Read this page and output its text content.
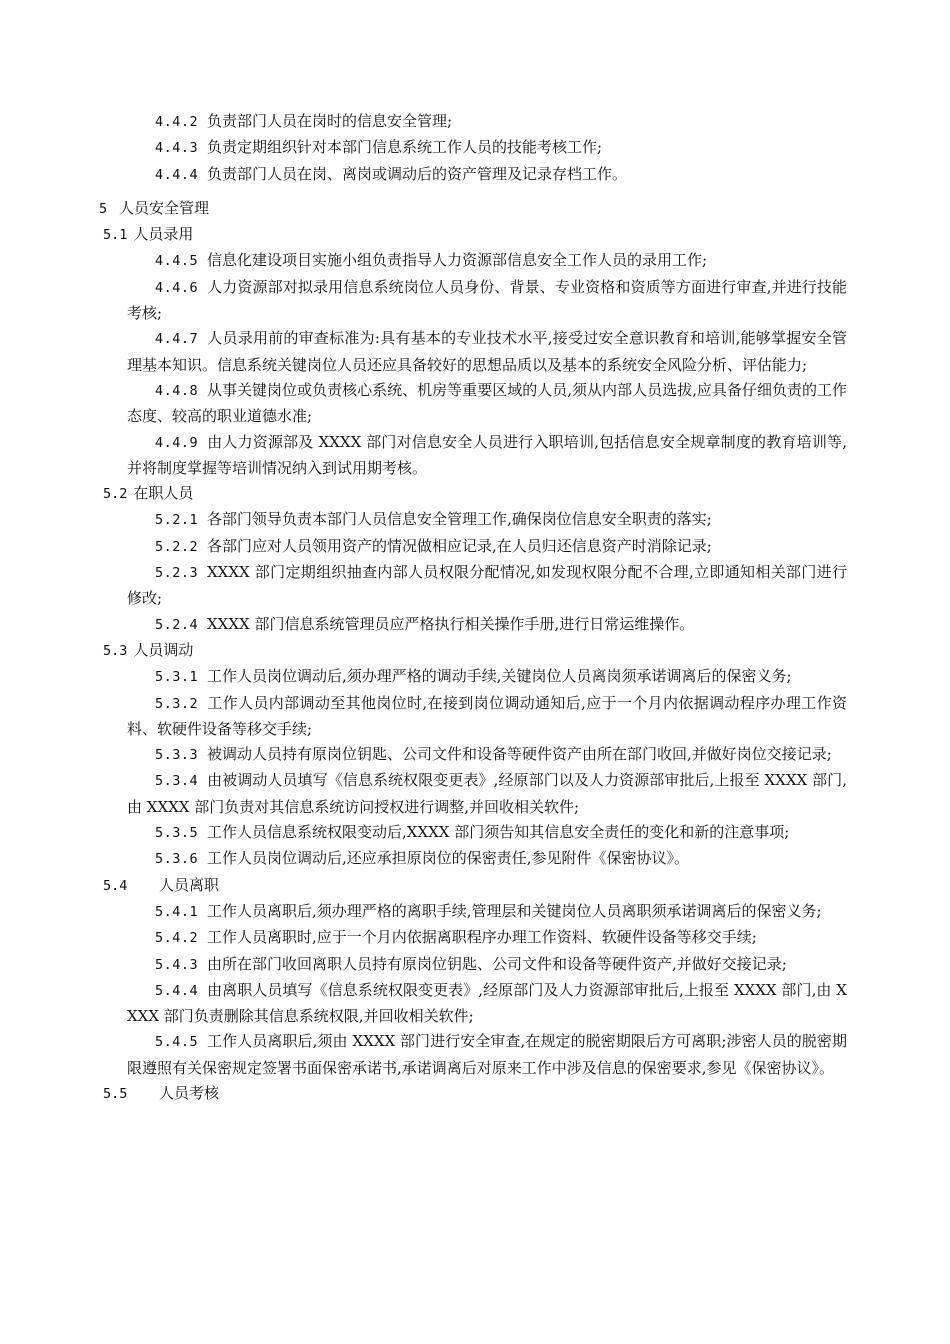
4.4.2 负责部门人员在岗时的信息安全管理;

4.4.3 负责定期组织针对本部门信息系统工作人员的技能考核工作;

4.4.4 负责部门人员在岗、离岗或调动后的资产管理及记录存档工作。

5 人员安全管理

5.1 人员录用

4.4.5 信息化建设项目实施小组负责指导人力资源部信息安全工作人员的录用工作;

4.4.6 人力资源部对拟录用信息系统岗位人员身份、背景、专业资格和资质等方面进行审查,并进行技能考核;

4.4.7 人员录用前的审查标准为:具有基本的专业技术水平,接受过安全意识教育和培训,能够掌握安全管理基本知识。信息系统关键岗位人员还应具备较好的思想品质以及基本的系统安全风险分析、评估能力;

4.4.8 从事关键岗位或负责核心系统、机房等重要区域的人员,须从内部人员选拔,应具备仔细负责的工作态度、较高的职业道德水准;

4.4.9 由人力资源部及 XXXX 部门对信息安全人员进行入职培训,包括信息安全规章制度的教育培训等,并将制度掌握等培训情况纳入到试用期考核。

5.2 在职人员

5.2.1 各部门领导负责本部门人员信息安全管理工作,确保岗位信息安全职责的落实;

5.2.2 各部门应对人员领用资产的情况做相应记录,在人员归还信息资产时消除记录;

5.2.3 XXXX 部门定期组织抽查内部人员权限分配情况,如发现权限分配不合理,立即通知相关部门进行修改;

5.2.4 XXXX 部门信息系统管理员应严格执行相关操作手册,进行日常运维操作。

5.3 人员调动

5.3.1 工作人员岗位调动后,须办理严格的调动手续,关键岗位人员离岗须承诺调离后的保密义务;

5.3.2 工作人员内部调动至其他岗位时,在接到岗位调动通知后,应于一个月内依据调动程序办理工作资料、软硬件设备等移交手续;

5.3.3 被调动人员持有原岗位钥匙、公司文件和设备等硬件资产由所在部门收回,并做好岗位交接记录;

5.3.4 由被调动人员填写《信息系统权限变更表》,经原部门以及人力资源部审批后,上报至 XXXX 部门,由 XXXX 部门负责对其信息系统访问授权进行调整,并回收相关软件;

5.3.5 工作人员信息系统权限变动后,XXXX 部门须告知其信息安全责任的变化和新的注意事项;

5.3.6 工作人员岗位调动后,还应承担原岗位的保密责任,参见附件《保密协议》。

5.4 人员离职

5.4.1 工作人员离职后,须办理严格的离职手续,管理层和关键岗位人员离职须承诺调离后的保密义务;

5.4.2 工作人员离职时,应于一个月内依据离职程序办理工作资料、软硬件设备等移交手续;

5.4.3 由所在部门收回离职人员持有原岗位钥匙、公司文件和设备等硬件资产,并做好交接记录;

5.4.4 由离职人员填写《信息系统权限变更表》,经原部门及人力资源部审批后,上报至 XXXX 部门,由 XXXX 部门负责删除其信息系统权限,并回收相关软件;

5.4.5 工作人员离职后,须由 XXXX 部门进行安全审查,在规定的脱密期限后方可离职;涉密人员的脱密期限遵照有关保密规定签署书面保密承诺书,承诺调离后对原来工作中涉及信息的保密要求,参见《保密协议》。

5.5 人员考核
